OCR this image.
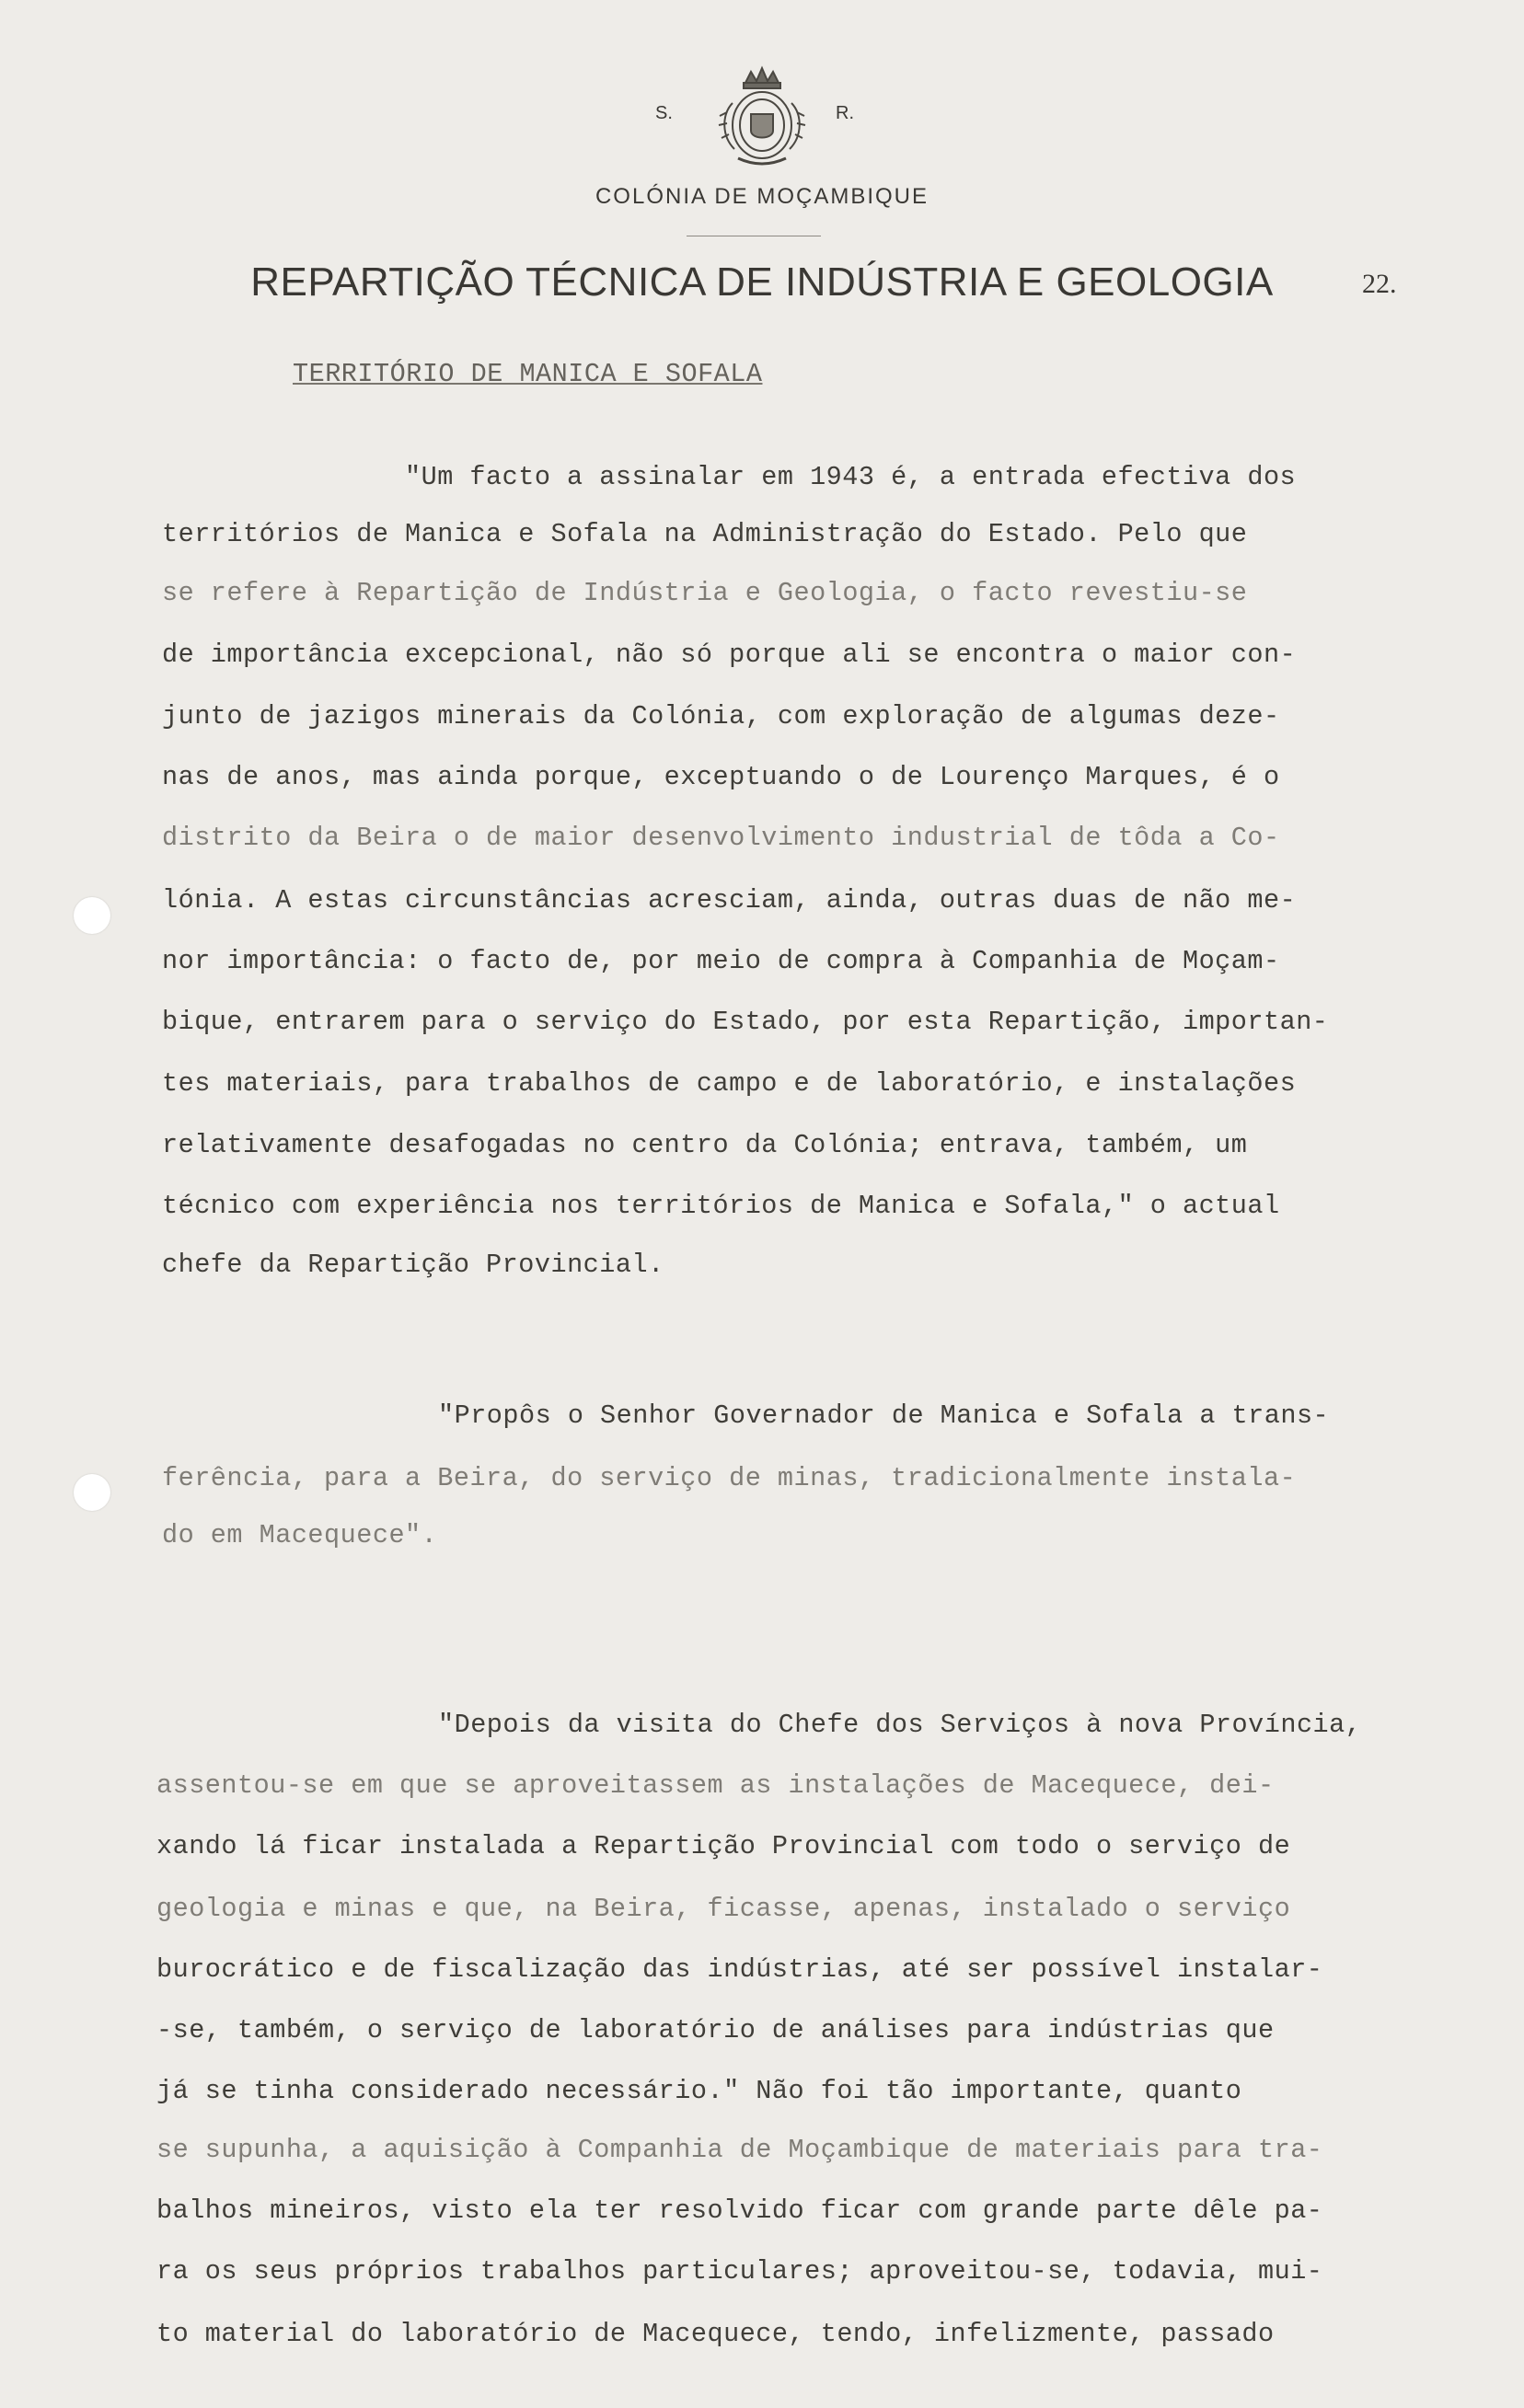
S.	R.
COLÓNIA DE MOÇAMBIQUE
REPARTIÇÃO TÉCNICA DE INDÚSTRIA E GEOLOGIA	22.
TERRITÓRIO DE MANICA E SOFALA

"Um facto a assinalar em 1943 é, a entrada efectiva dos

territórios de Manica e Sofala na Administração do Estado. Pelo que

se refere à Repartição de Indústria e Geologia, o facto revestiu-se

de importância excepcional, não só porque ali se encontra o maior con-

junto de jazigos minerais da Colónia, com exploração de algumas deze-

nas de anos, mas ainda porque, exceptuando o de Lourenço Marques, é o

distrito da Beira o de maior desenvolvimento industrial de tôda a Co-

lónia. A estas circunstâncias acresciam, ainda, outras duas de não me-

nor importância: o facto de, por meio de compra à Companhia de Moçam-

bique, entrarem para o serviço do Estado, por esta Repartição, importan-

tes materiais, para trabalhos de campo e de laboratório, e instalações

relativamente desafogadas no centro da Colónia; entrava, também, um

técnico com experiência nos territórios de Manica e Sofala," o actual

chefe da Repartição Provincial.

"Propôs o Senhor Governador de Manica e Sofala a trans-

ferência, para a Beira, do serviço de minas, tradicionalmente instala-

do em Macequece".

"Depois da visita do Chefe dos Serviços à nova Província,

assentou-se em que se aproveitassem as instalações de Macequece, dei-

xando lá ficar instalada a Repartição Provincial com todo o serviço de

geologia e minas e que, na Beira, ficasse, apenas, instalado o serviço

burocrático e de fiscalização das indústrias, até ser possível instalar-

-se, também, o serviço de laboratório de análises para indústrias que

já se tinha considerado necessário." Não foi tão importante, quanto

se supunha, a aquisição à Companhia de Moçambique de materiais para tra-

balhos mineiros, visto ela ter resolvido ficar com grande parte dêle pa-

ra os seus próprios trabalhos particulares; aproveitou-se, todavia, mui-

to material do laboratório de Macequece, tendo, infelizmente, passado
